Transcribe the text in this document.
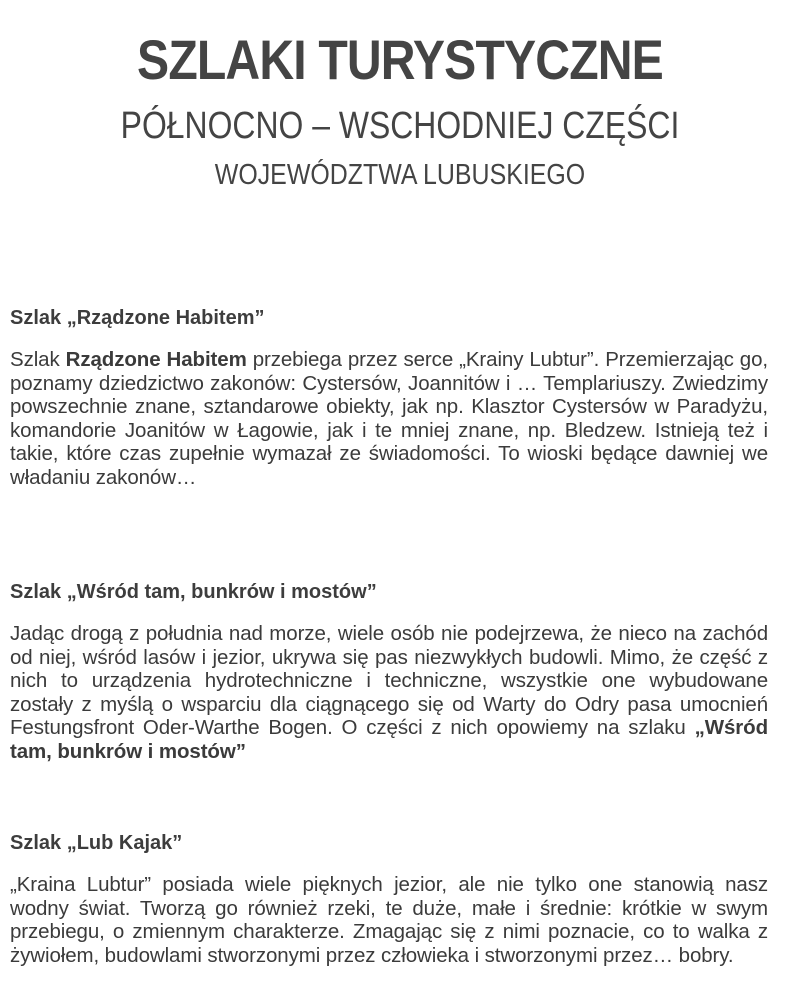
SZLAKI TURYSTYCZNE
PÓŁNOCNO – WSCHODNIEJ CZĘŚCI
WOJEWÓDZTWA LUBUSKIEGO
Szlak „Rządzone Habitem”

Szlak Rządzone Habitem przebiega przez serce „Krainy Lubtur”. Przemierzając go, poznamy dziedzictwo zakonów: Cystersów, Joannitów i … Templariuszy. Zwiedzimy powszechnie znane, sztandarowe obiekty, jak np. Klasztor Cystersów w Paradyżu, komandorie Joanitów w Łagowie, jak i te mniej znane, np. Bledzew. Istnieją też i takie, które czas zupełnie wymazał ze świadomości. To wioski będące dawniej we władaniu zakonów…

Szlak „Wśród tam, bunkrów i mostów”

Jadąc drogą z południa nad morze, wiele osób nie podejrzewa, że nieco na zachód od niej, wśród lasów i jezior, ukrywa się pas niezwykłych budowli. Mimo, że część z nich to urządzenia hydrotechniczne i techniczne, wszystkie one wybudowane zostały z myślą o wsparciu dla ciągnącego się od Warty do Odry pasa umocnień Festungsfront Oder-Warthe Bogen. O części z nich opowiemy na szlaku „Wśród tam, bunkrów i mostów”

Szlak „Lub Kajak”

„Kraina Lubtur” posiada wiele pięknych jezior, ale nie tylko one stanowią nasz wodny świat. Tworzą go również rzeki, te duże, małe i średnie: krótkie w swym przebiegu, o zmiennym charakterze. Zmagając się z nimi poznacie, co to walka z żywiołem, budowlami stworzonymi przez człowieka i stworzonymi przez… bobry.
